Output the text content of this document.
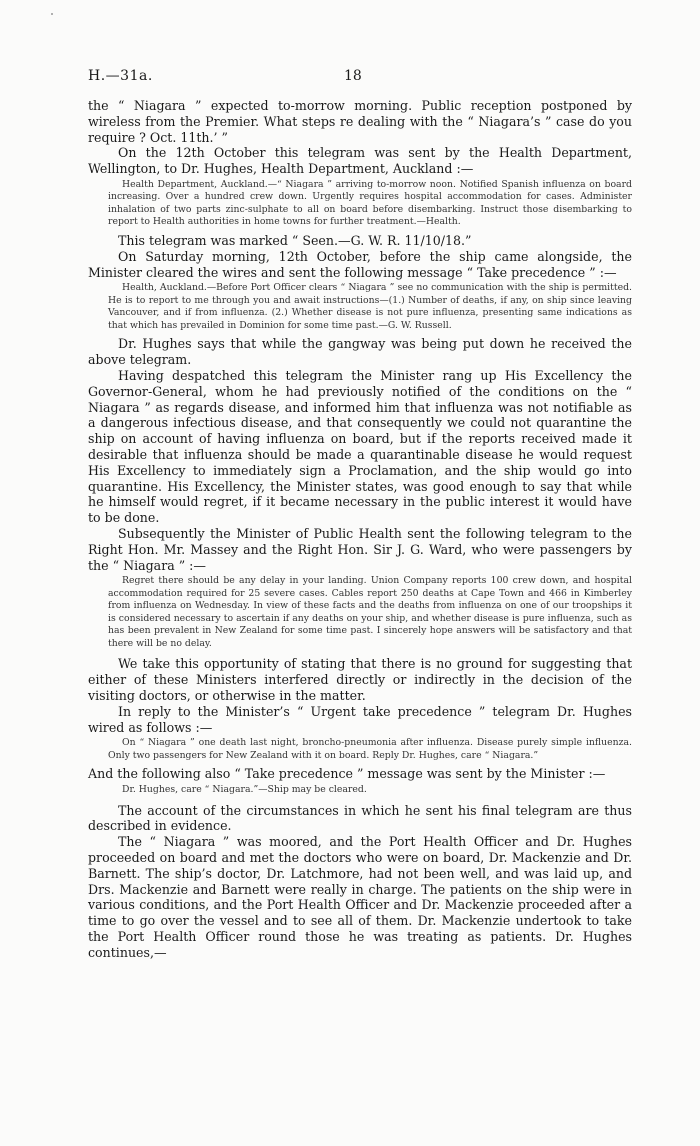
H.—31a.	18

the “ Niagara ” expected to-morrow morning. Public reception postponed by wireless from the Premier. What steps re dealing with the “ Niagara’s ” case do you require ? Oct. 11th.’ ”

On the 12th October this telegram was sent by the Health Department, Wellington, to Dr. Hughes, Health Department, Auckland :—

Health Department, Auckland.—“ Niagara ” arriving to-morrow noon. Notified Spanish influenza on board increasing. Over a hundred crew down. Urgently requires hospital accommodation for cases. Administer inhalation of two parts zinc-sulphate to all on board before disembarking. Instruct those disembarking to report to Health authorities in home towns for further treatment.—Health.

This telegram was marked “ Seen.—G. W. R. 11/10/18.”

On Saturday morning, 12th October, before the ship came alongside, the Minister cleared the wires and sent the following message “ Take precedence ” :—

Health, Auckland.—Before Port Officer clears “ Niagara ” see no communication with the ship is permitted. He is to report to me through you and await instructions—(1.) Number of deaths, if any, on ship since leaving Vancouver, and if from influenza. (2.) Whether disease is not pure influenza, presenting same indications as that which has prevailed in Dominion for some time past.—G. W. Russell.

Dr. Hughes says that while the gangway was being put down he received the above telegram.

Having despatched this telegram the Minister rang up His Excellency the Governor-General, whom he had previously notified of the conditions on the “ Niagara ” as regards disease, and informed him that influenza was not notifiable as a dangerous infectious disease, and that consequently we could not quarantine the ship on account of having influenza on board, but if the reports received made it desirable that influenza should be made a quarantinable disease he would request His Excellency to immediately sign a Proclamation, and the ship would go into quarantine. His Excellency, the Minister states, was good enough to say that while he himself would regret, if it became necessary in the public interest it would have to be done.

Subsequently the Minister of Public Health sent the following telegram to the Right Hon. Mr. Massey and the Right Hon. Sir J. G. Ward, who were passengers by the “ Niagara ” :—

Regret there should be any delay in your landing. Union Company reports 100 crew down, and hospital accommodation required for 25 severe cases. Cables report 250 deaths at Cape Town and 466 in Kimberley from influenza on Wednesday. In view of these facts and the deaths from influenza on one of our troopships it is considered necessary to ascertain if any deaths on your ship, and whether disease is pure influenza, such as has been prevalent in New Zealand for some time past. I sincerely hope answers will be satisfactory and that there will be no delay.

We take this opportunity of stating that there is no ground for suggesting that either of these Ministers interfered directly or indirectly in the decision of the visiting doctors, or otherwise in the matter.

In reply to the Minister’s “ Urgent take precedence ” telegram Dr. Hughes wired as follows :—

On “ Niagara ” one death last night, broncho-pneumonia after influenza. Disease purely simple influenza. Only two passengers for New Zealand with it on board. Reply Dr. Hughes, care “ Niagara.”

And the following also “ Take precedence ” message was sent by the Minister :—

Dr. Hughes, care “ Niagara.”—Ship may be cleared.

The account of the circumstances in which he sent his final telegram are thus described in evidence.

The “ Niagara ” was moored, and the Port Health Officer and Dr. Hughes proceeded on board and met the doctors who were on board, Dr. Mackenzie and Dr. Barnett. The ship’s doctor, Dr. Latchmore, had not been well, and was laid up, and Drs. Mackenzie and Barnett were really in charge. The patients on the ship were in various conditions, and the Port Health Officer and Dr. Mackenzie proceeded after a time to go over the vessel and to see all of them. Dr. Mackenzie undertook to take the Port Health Officer round those he was treating as patients. Dr. Hughes continues,—
